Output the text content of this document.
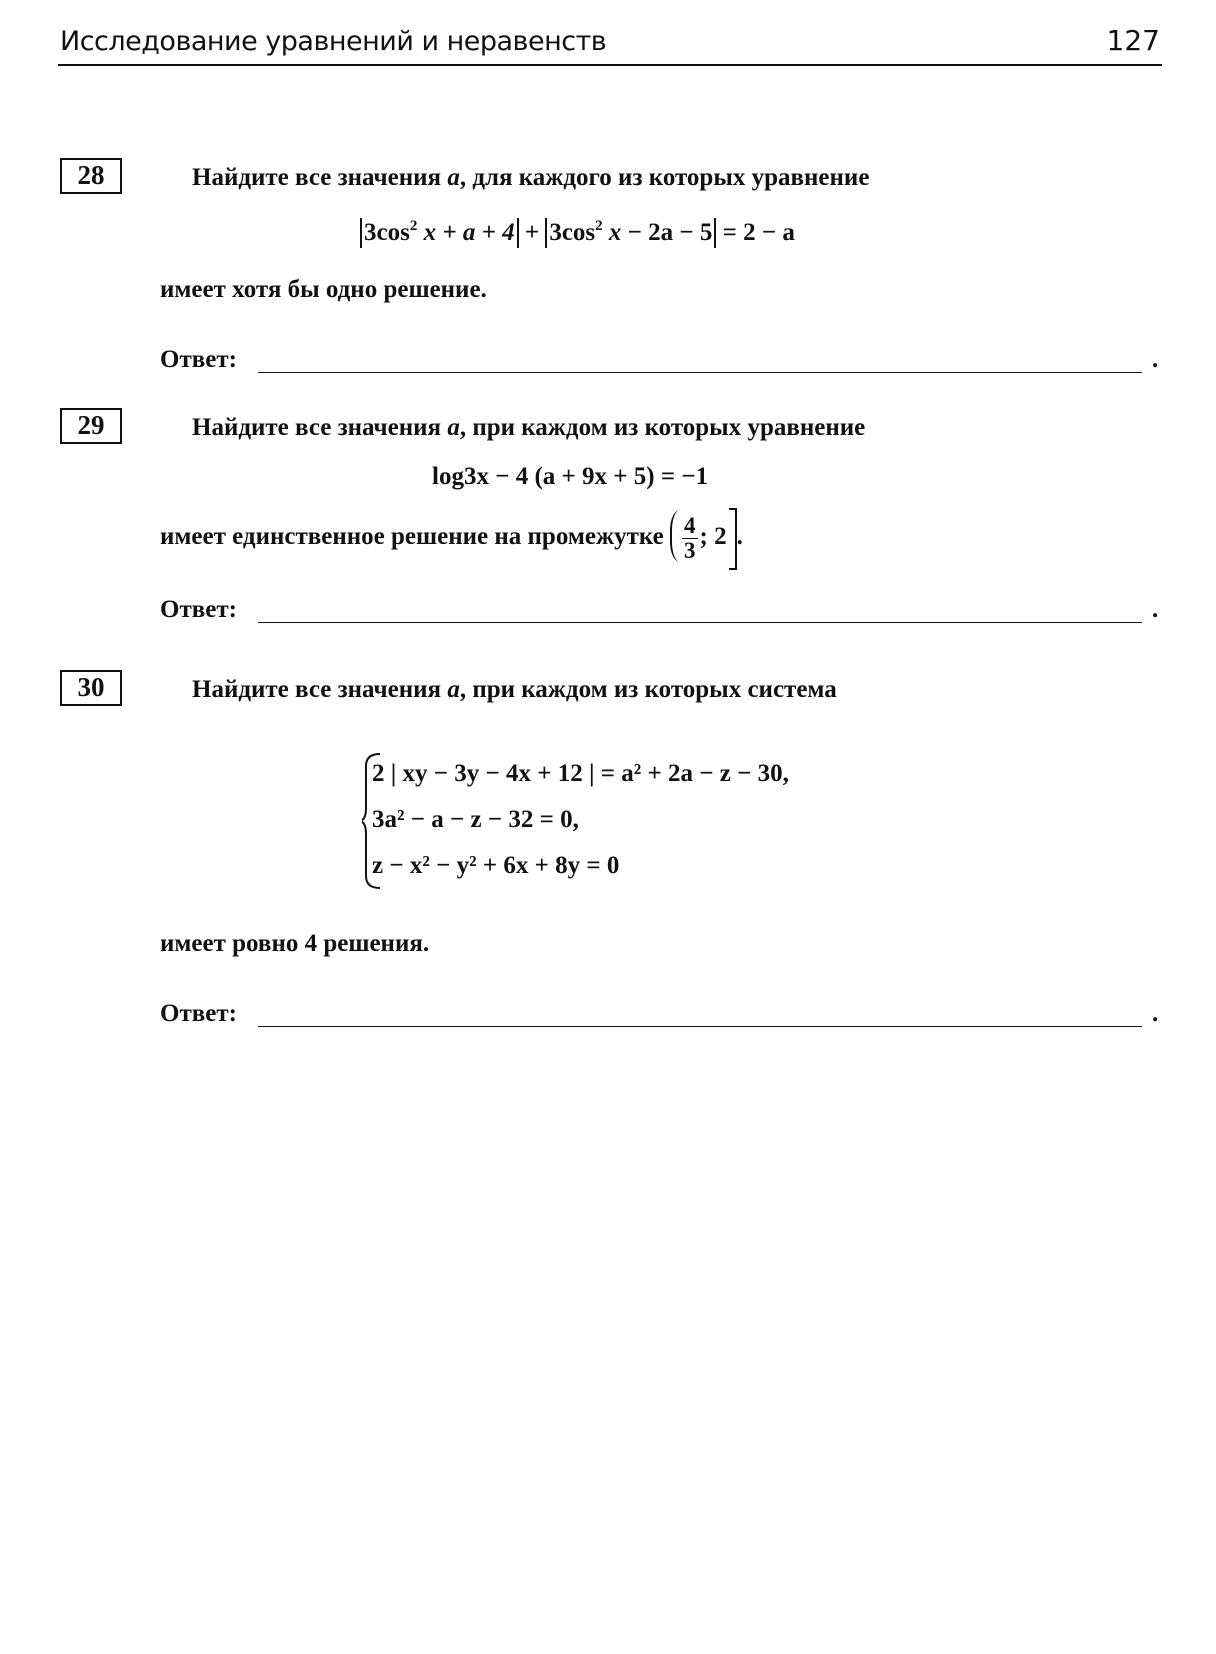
Исследование уравнений и неравенств	127
28	Найдите все значения a, для каждого из которых уравнение
$3\cos^2$ $x + a + 4 + 3\cos^2$ x − 2a − 5 = 2 − a
имеет хотя бы одно решение.
Ответ:	.
29	Найдите все значения a, при каждом из которых уравнение
log3x − 4 (a + 9x + 5) = −1
имеет единственное решение на промежутке $\frac{4}{3}$ ; 2 .
Ответ:	.
30	Найдите все значения a, при каждом из которых система
2 | xy − 3y − 4x + 12 | = a² + 2a − z − 30,
3a² − a − z − 32 = 0,
z − x² − y² + 6x + 8y = 0
имеет ровно 4 решения.
Ответ:	.
